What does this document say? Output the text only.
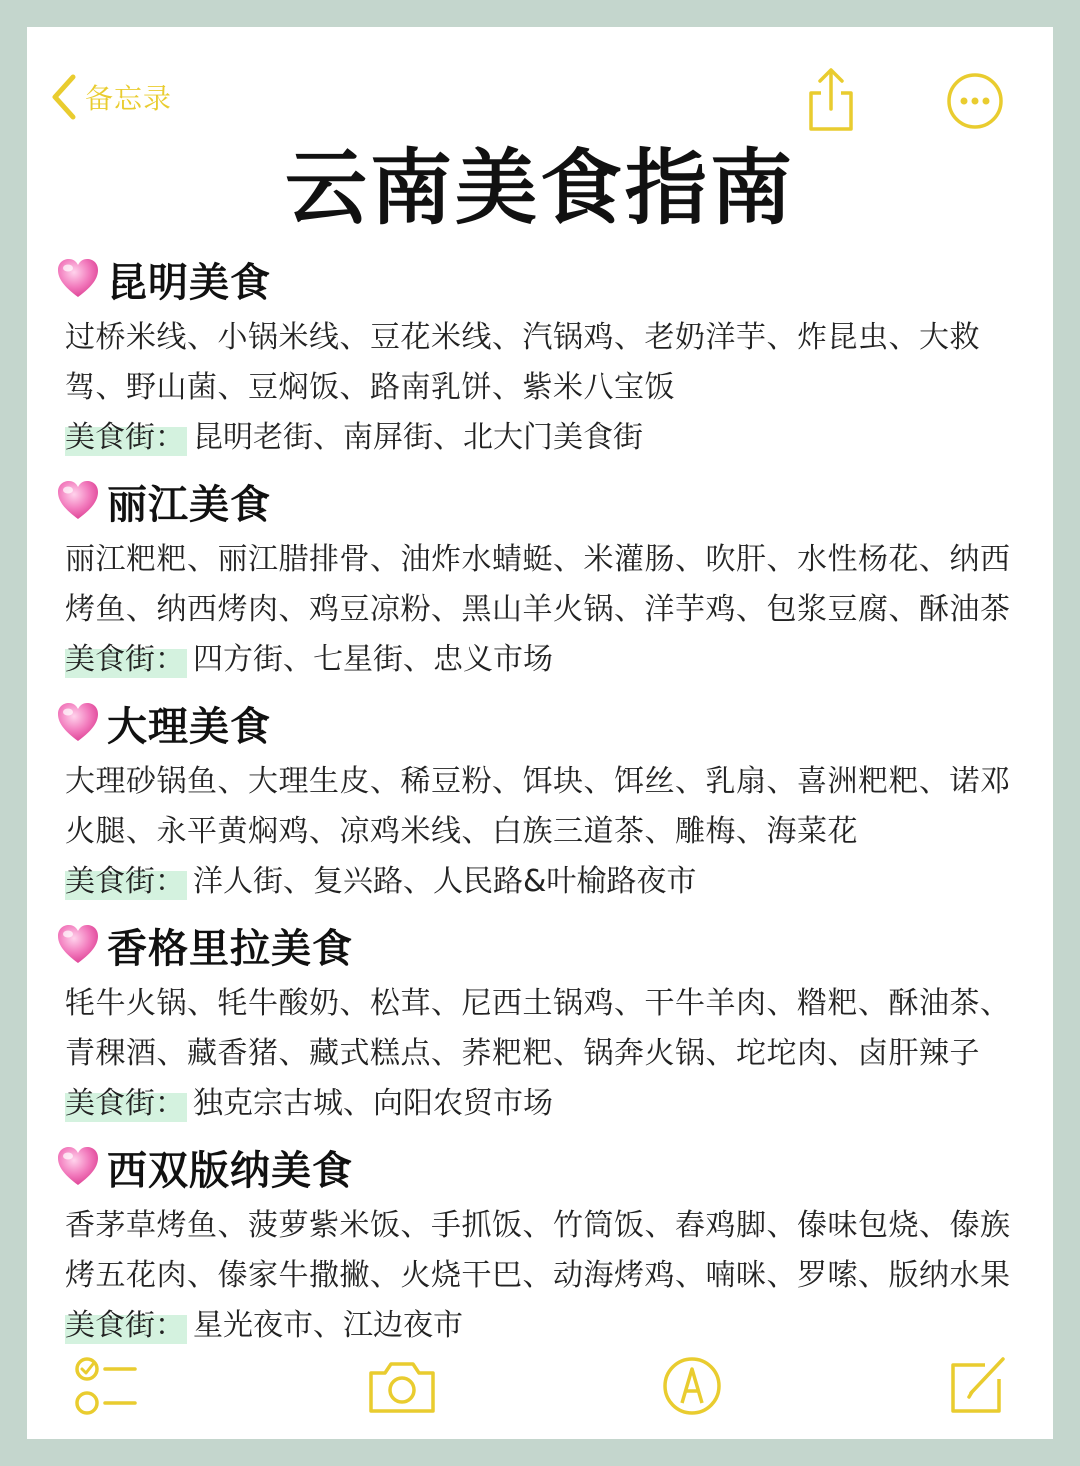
备忘录
云南美食指南
昆明美食
过桥米线、小锅米线、豆花米线、汽锅鸡、老奶洋芋、炸昆虫、大救驾、野山菌、豆焖饭、路南乳饼、紫米八宝饭
美食街： 昆明老街、南屏街、北大门美食街
丽江美食
丽江粑粑、丽江腊排骨、油炸水蜻蜓、米灌肠、吹肝、水性杨花、纳西烤鱼、纳西烤肉、鸡豆凉粉、黑山羊火锅、洋芋鸡、包浆豆腐、酥油茶
美食街： 四方街、七星街、忠义市场
大理美食
大理砂锅鱼、大理生皮、稀豆粉、饵块、饵丝、乳扇、喜洲粑粑、诺邓火腿、永平黄焖鸡、凉鸡米线、白族三道茶、雕梅、海菜花
美食街： 洋人街、复兴路、人民路&叶榆路夜市
香格里拉美食
牦牛火锅、牦牛酸奶、松茸、尼西土锅鸡、干牛羊肉、糌粑、酥油茶、青稞酒、藏香猪、藏式糕点、荞粑粑、锅奔火锅、坨坨肉、卤肝辣子
美食街： 独克宗古城、向阳农贸市场
西双版纳美食
香茅草烤鱼、菠萝紫米饭、手抓饭、竹筒饭、舂鸡脚、傣味包烧、傣族烤五花肉、傣家牛撒撇、火烧干巴、动海烤鸡、喃咪、罗嗦、版纳水果
美食街： 星光夜市、江边夜市
